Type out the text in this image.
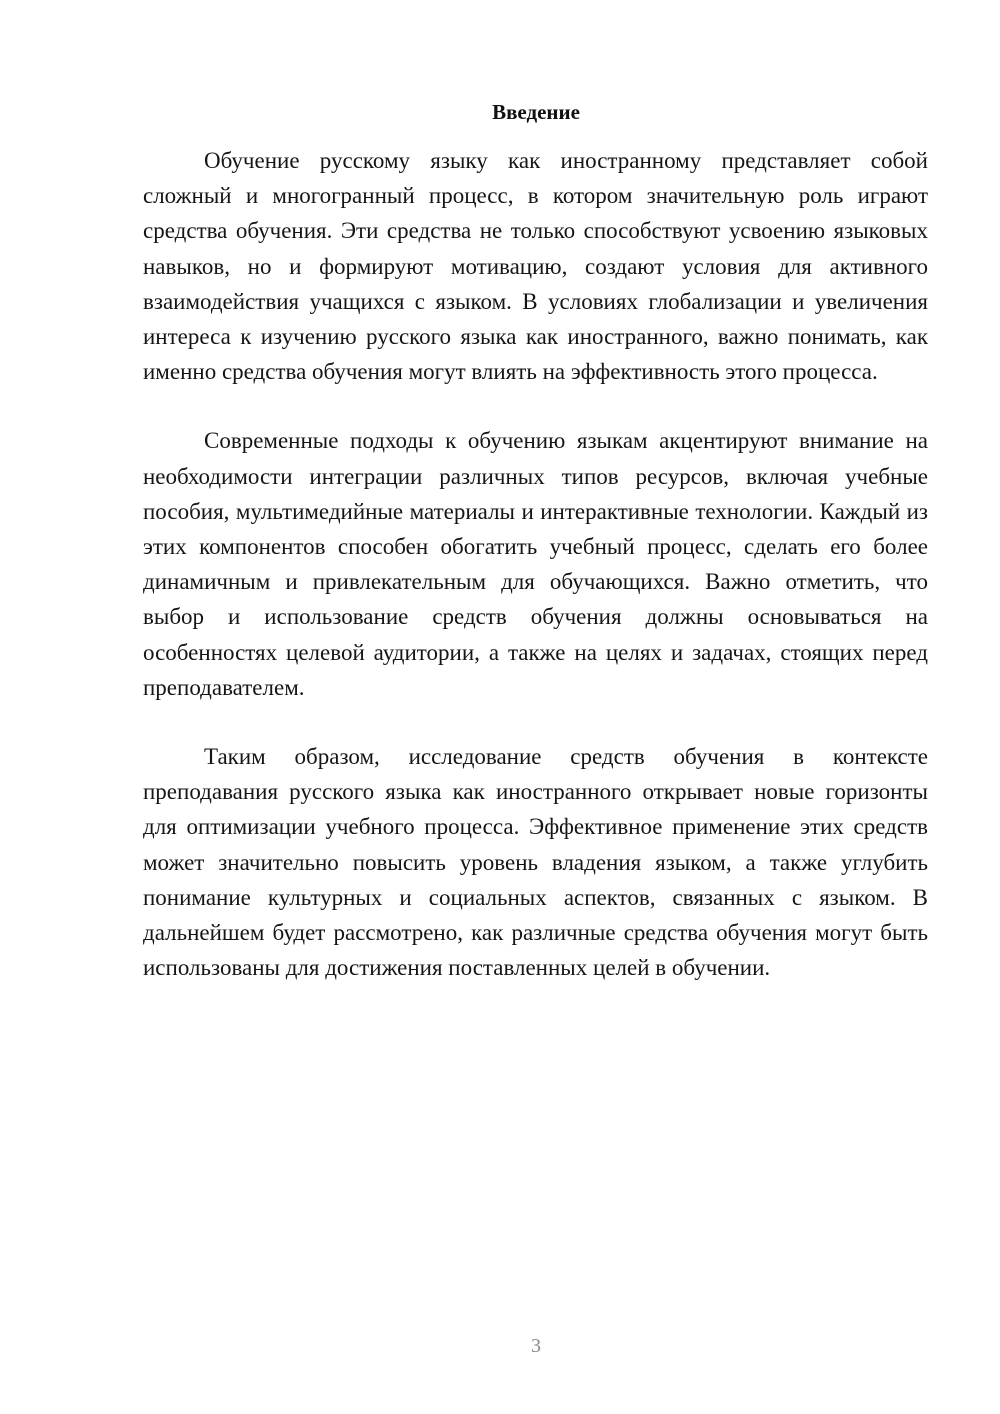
Введение

Обучение русскому языку как иностранному представляет собой сложный и многогранный процесс, в котором значительную роль играют средства обучения. Эти средства не только способствуют усвоению языковых навыков, но и формируют мотивацию, создают условия для активного взаимодействия учащихся с языком. В условиях глобализации и увеличения интереса к изучению русского языка как иностранного, важно понимать, как именно средства обучения могут влиять на эффективность этого процесса.

Современные подходы к обучению языкам акцентируют внимание на необходимости интеграции различных типов ресурсов, включая учебные пособия, мультимедийные материалы и интерактивные технологии. Каждый из этих компонентов способен обогатить учебный процесс, сделать его более динамичным и привлекательным для обучающихся. Важно отметить, что выбор и использование средств обучения должны основываться на особенностях целевой аудитории, а также на целях и задачах, стоящих перед преподавателем.

Таким образом, исследование средств обучения в контексте преподавания русского языка как иностранного открывает новые горизонты для оптимизации учебного процесса. Эффективное применение этих средств может значительно повысить уровень владения языком, а также углубить понимание культурных и социальных аспектов, связанных с языком. В дальнейшем будет рассмотрено, как различные средства обучения могут быть использованы для достижения поставленных целей в обучении.

3
